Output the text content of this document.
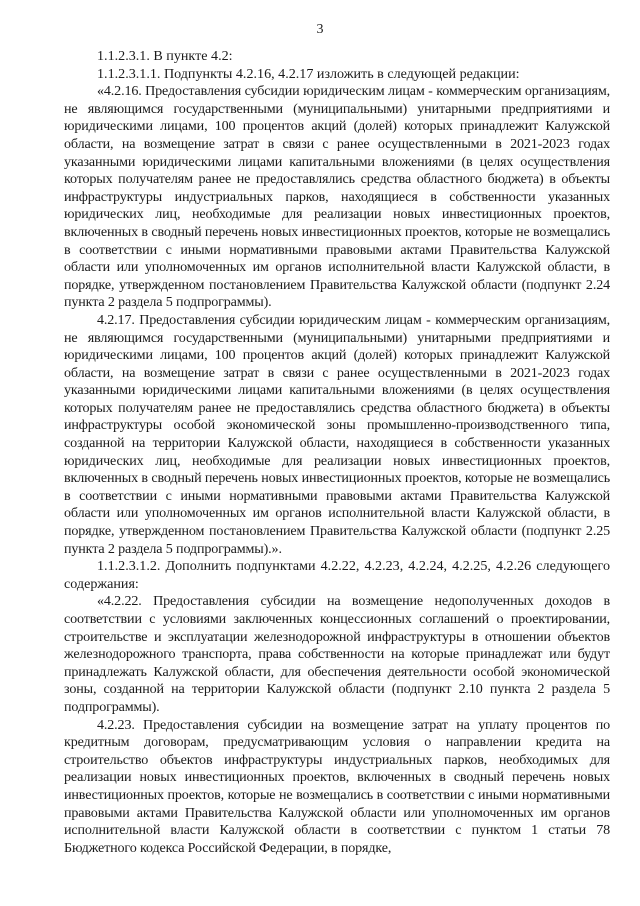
3

1.1.2.3.1. В пункте 4.2:

1.1.2.3.1.1. Подпункты 4.2.16, 4.2.17 изложить в следующей редакции:

«4.2.16. Предоставления субсидии юридическим лицам - коммерческим организациям, не являющимся государственными (муниципальными) унитарными предприятиями и юридическими лицами, 100 процентов акций (долей) которых принадлежит Калужской области, на возмещение затрат в связи с ранее осуществленными в 2021-2023 годах указанными юридическими лицами капитальными вложениями (в целях осуществления которых получателям ранее не предоставлялись средства областного бюджета) в объекты инфраструктуры индустриальных парков, находящиеся в собственности указанных юридических лиц, необходимые для реализации новых инвестиционных проектов, включенных в сводный перечень новых инвестиционных проектов, которые не возмещались в соответствии с иными нормативными правовыми актами Правительства Калужской области или уполномоченных им органов исполнительной власти Калужской области, в порядке, утвержденном постановлением Правительства Калужской области (подпункт 2.24 пункта 2 раздела 5 подпрограммы).

4.2.17. Предоставления субсидии юридическим лицам - коммерческим организациям, не являющимся государственными (муниципальными) унитарными предприятиями и юридическими лицами, 100 процентов акций (долей) которых принадлежит Калужской области, на возмещение затрат в связи с ранее осуществленными в 2021-2023 годах указанными юридическими лицами капитальными вложениями (в целях осуществления которых получателям ранее не предоставлялись средства областного бюджета) в объекты инфраструктуры особой экономической зоны промышленно-производственного типа, созданной на территории Калужской области, находящиеся в собственности указанных юридических лиц, необходимые для реализации новых инвестиционных проектов, включенных в сводный перечень новых инвестиционных проектов, которые не возмещались в соответствии с иными нормативными правовыми актами Правительства Калужской области или уполномоченных им органов исполнительной власти Калужской области, в порядке, утвержденном постановлением Правительства Калужской области (подпункт 2.25 пункта 2 раздела 5 подпрограммы).».

1.1.2.3.1.2. Дополнить подпунктами 4.2.22, 4.2.23, 4.2.24, 4.2.25, 4.2.26 следующего содержания:

«4.2.22. Предоставления субсидии на возмещение недополученных доходов в соответствии с условиями заключенных концессионных соглашений о проектировании, строительстве и эксплуатации железнодорожной инфраструктуры в отношении объектов железнодорожного транспорта, права собственности на которые принадлежат или будут принадлежать Калужской области, для обеспечения деятельности особой экономической зоны, созданной на территории Калужской области (подпункт 2.10 пункта 2 раздела 5 подпрограммы).

4.2.23. Предоставления субсидии на возмещение затрат на уплату процентов по кредитным договорам, предусматривающим условия о направлении кредита на строительство объектов инфраструктуры индустриальных парков, необходимых для реализации новых инвестиционных проектов, включенных в сводный перечень новых инвестиционных проектов, которые не возмещались в соответствии с иными нормативными правовыми актами Правительства Калужской области или уполномоченных им органов исполнительной власти Калужской области в соответствии с пунктом 1 статьи 78 Бюджетного кодекса Российской Федерации, в порядке,
